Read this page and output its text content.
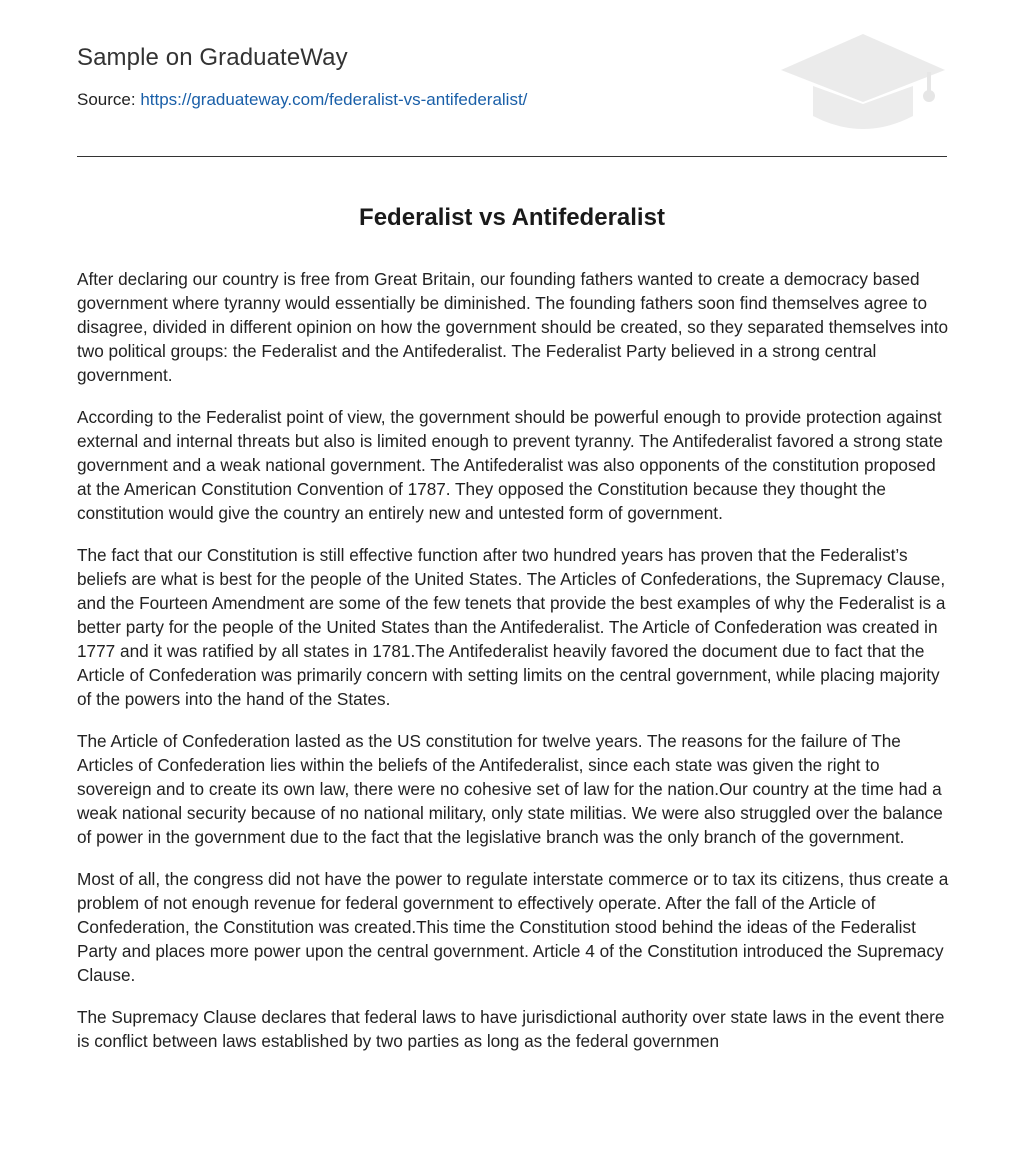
Sample on GraduateWay
Source: https://graduateway.com/federalist-vs-antifederalist/
Federalist vs Antifederalist

After declaring our country is free from Great Britain, our founding fathers wanted to create a democracy based government where tyranny would essentially be diminished. The founding fathers soon find themselves agree to disagree, divided in different opinion on how the government should be created, so they separated themselves into two political groups: the Federalist and the Antifederalist. The Federalist Party believed in a strong central government.

According to the Federalist point of view, the government should be powerful enough to provide protection against external and internal threats but also is limited enough to prevent tyranny. The Antifederalist favored a strong state government and a weak national government. The Antifederalist was also opponents of the constitution proposed at the American Constitution Convention of 1787. They opposed the Constitution because they thought the constitution would give the country an entirely new and untested form of government.

The fact that our Constitution is still effective function after two hundred years has proven that the Federalist’s beliefs are what is best for the people of the United States. The Articles of Confederations, the Supremacy Clause, and the Fourteen Amendment are some of the few tenets that provide the best examples of why the Federalist is a better party for the people of the United States than the Antifederalist. The Article of Confederation was created in 1777 and it was ratified by all states in 1781.The Antifederalist heavily favored the document due to fact that the Article of Confederation was primarily concern with setting limits on the central government, while placing majority of the powers into the hand of the States.

The Article of Confederation lasted as the US constitution for twelve years. The reasons for the failure of The Articles of Confederation lies within the beliefs of the Antifederalist, since each state was given the right to sovereign and to create its own law, there were no cohesive set of law for the nation.Our country at the time had a weak national security because of no national military, only state militias. We were also struggled over the balance of power in the government due to the fact that the legislative branch was the only branch of the government.

Most of all, the congress did not have the power to regulate interstate commerce or to tax its citizens, thus create a problem of not enough revenue for federal government to effectively operate. After the fall of the Article of Confederation, the Constitution was created.This time the Constitution stood behind the ideas of the Federalist Party and places more power upon the central government. Article 4 of the Constitution introduced the Supremacy Clause.

The Supremacy Clause declares that federal laws to have jurisdictional authority over state laws in the event there is conflict between laws established by two parties as long as the federal governmen
